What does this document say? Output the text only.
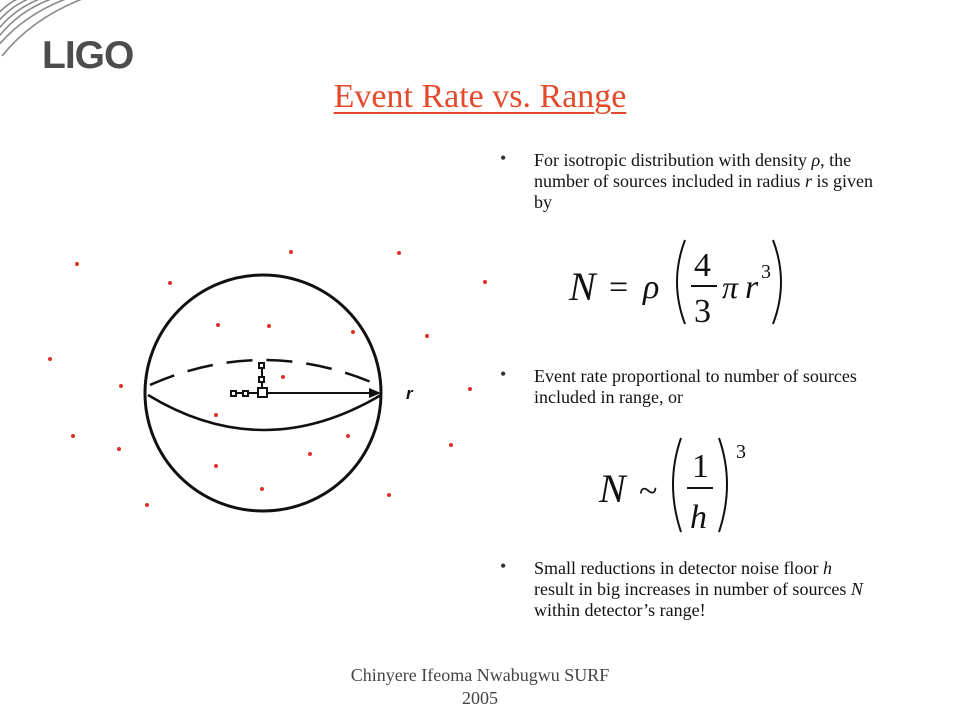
LIGO
Event Rate vs. Range
r
• For isotropic distribution with density ρ, the number of sources included in radius r is given by
N = ρ
4
3
π r 3
• Event rate proportional to number of sources included in range, or
N ~
1
h
3
• Small reductions in detector noise floor h result in big increases in number of sources N within detector’s range!
Chinyere Ifeoma Nwabugwu SURF
2005
